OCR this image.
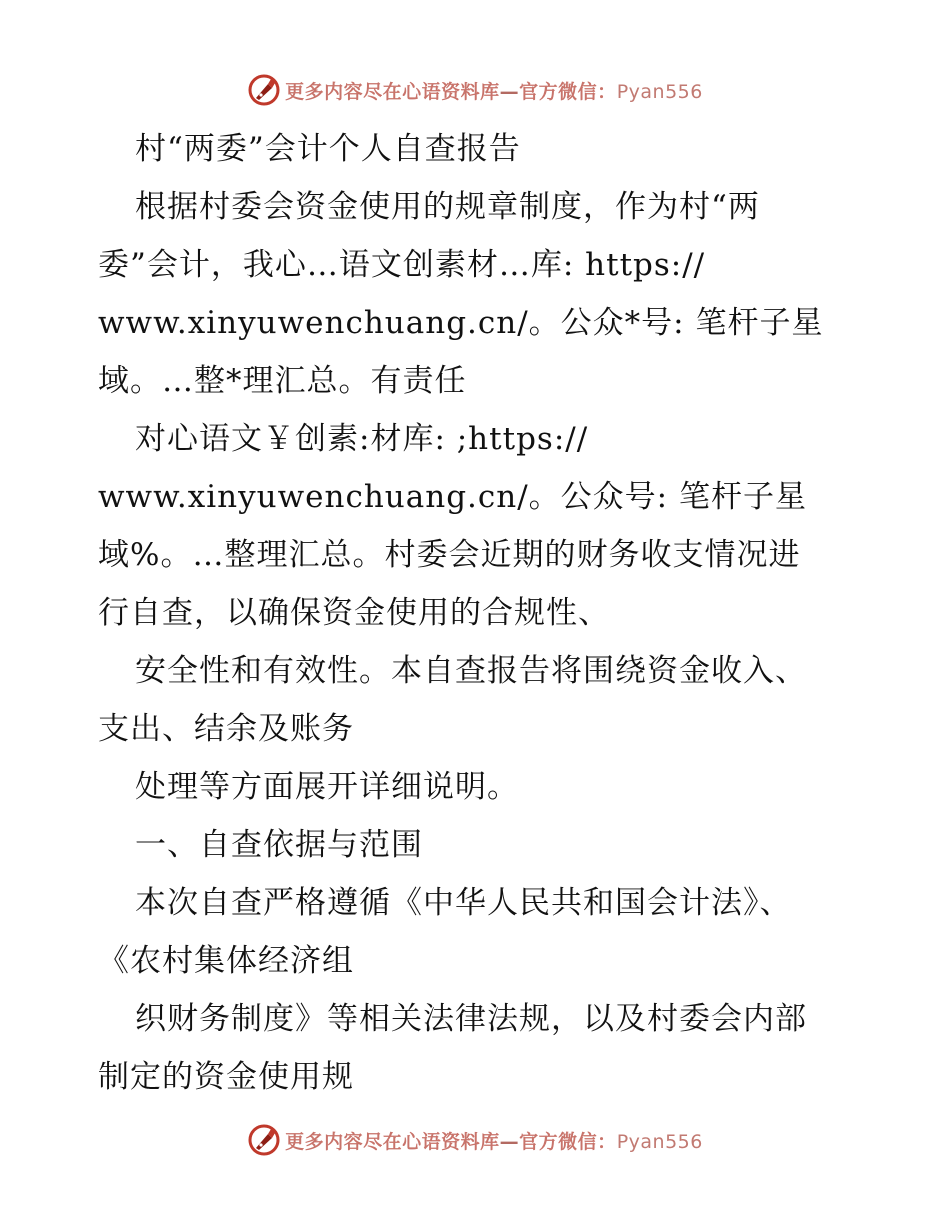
更多内容尽在心语资料库—官方微信：Pyan556
村“两委”会计个人自查报告
根据村委会资金使用的规章制度，作为村“两
委”会计，我心…语文创素材…库: https://
www.xinyuwenchuang.cn/。公众*号: 笔杆子星
域。…整*理汇总。有责任
对心语文￥创素:材库: ;https://
www.xinyuwenchuang.cn/。公众号: 笔杆子星
域%。…整理汇总。村委会近期的财务收支情况进
行自查，以确保资金使用的合规性、
安全性和有效性。本自查报告将围绕资金收入、
支出、结余及账务
处理等方面展开详细说明。
一、自查依据与范围
本次自查严格遵循《中华人民共和国会计法》、
《农村集体经济组
织财务制度》等相关法律法规，以及村委会内部
制定的资金使用规
更多内容尽在心语资料库—官方微信：Pyan556
